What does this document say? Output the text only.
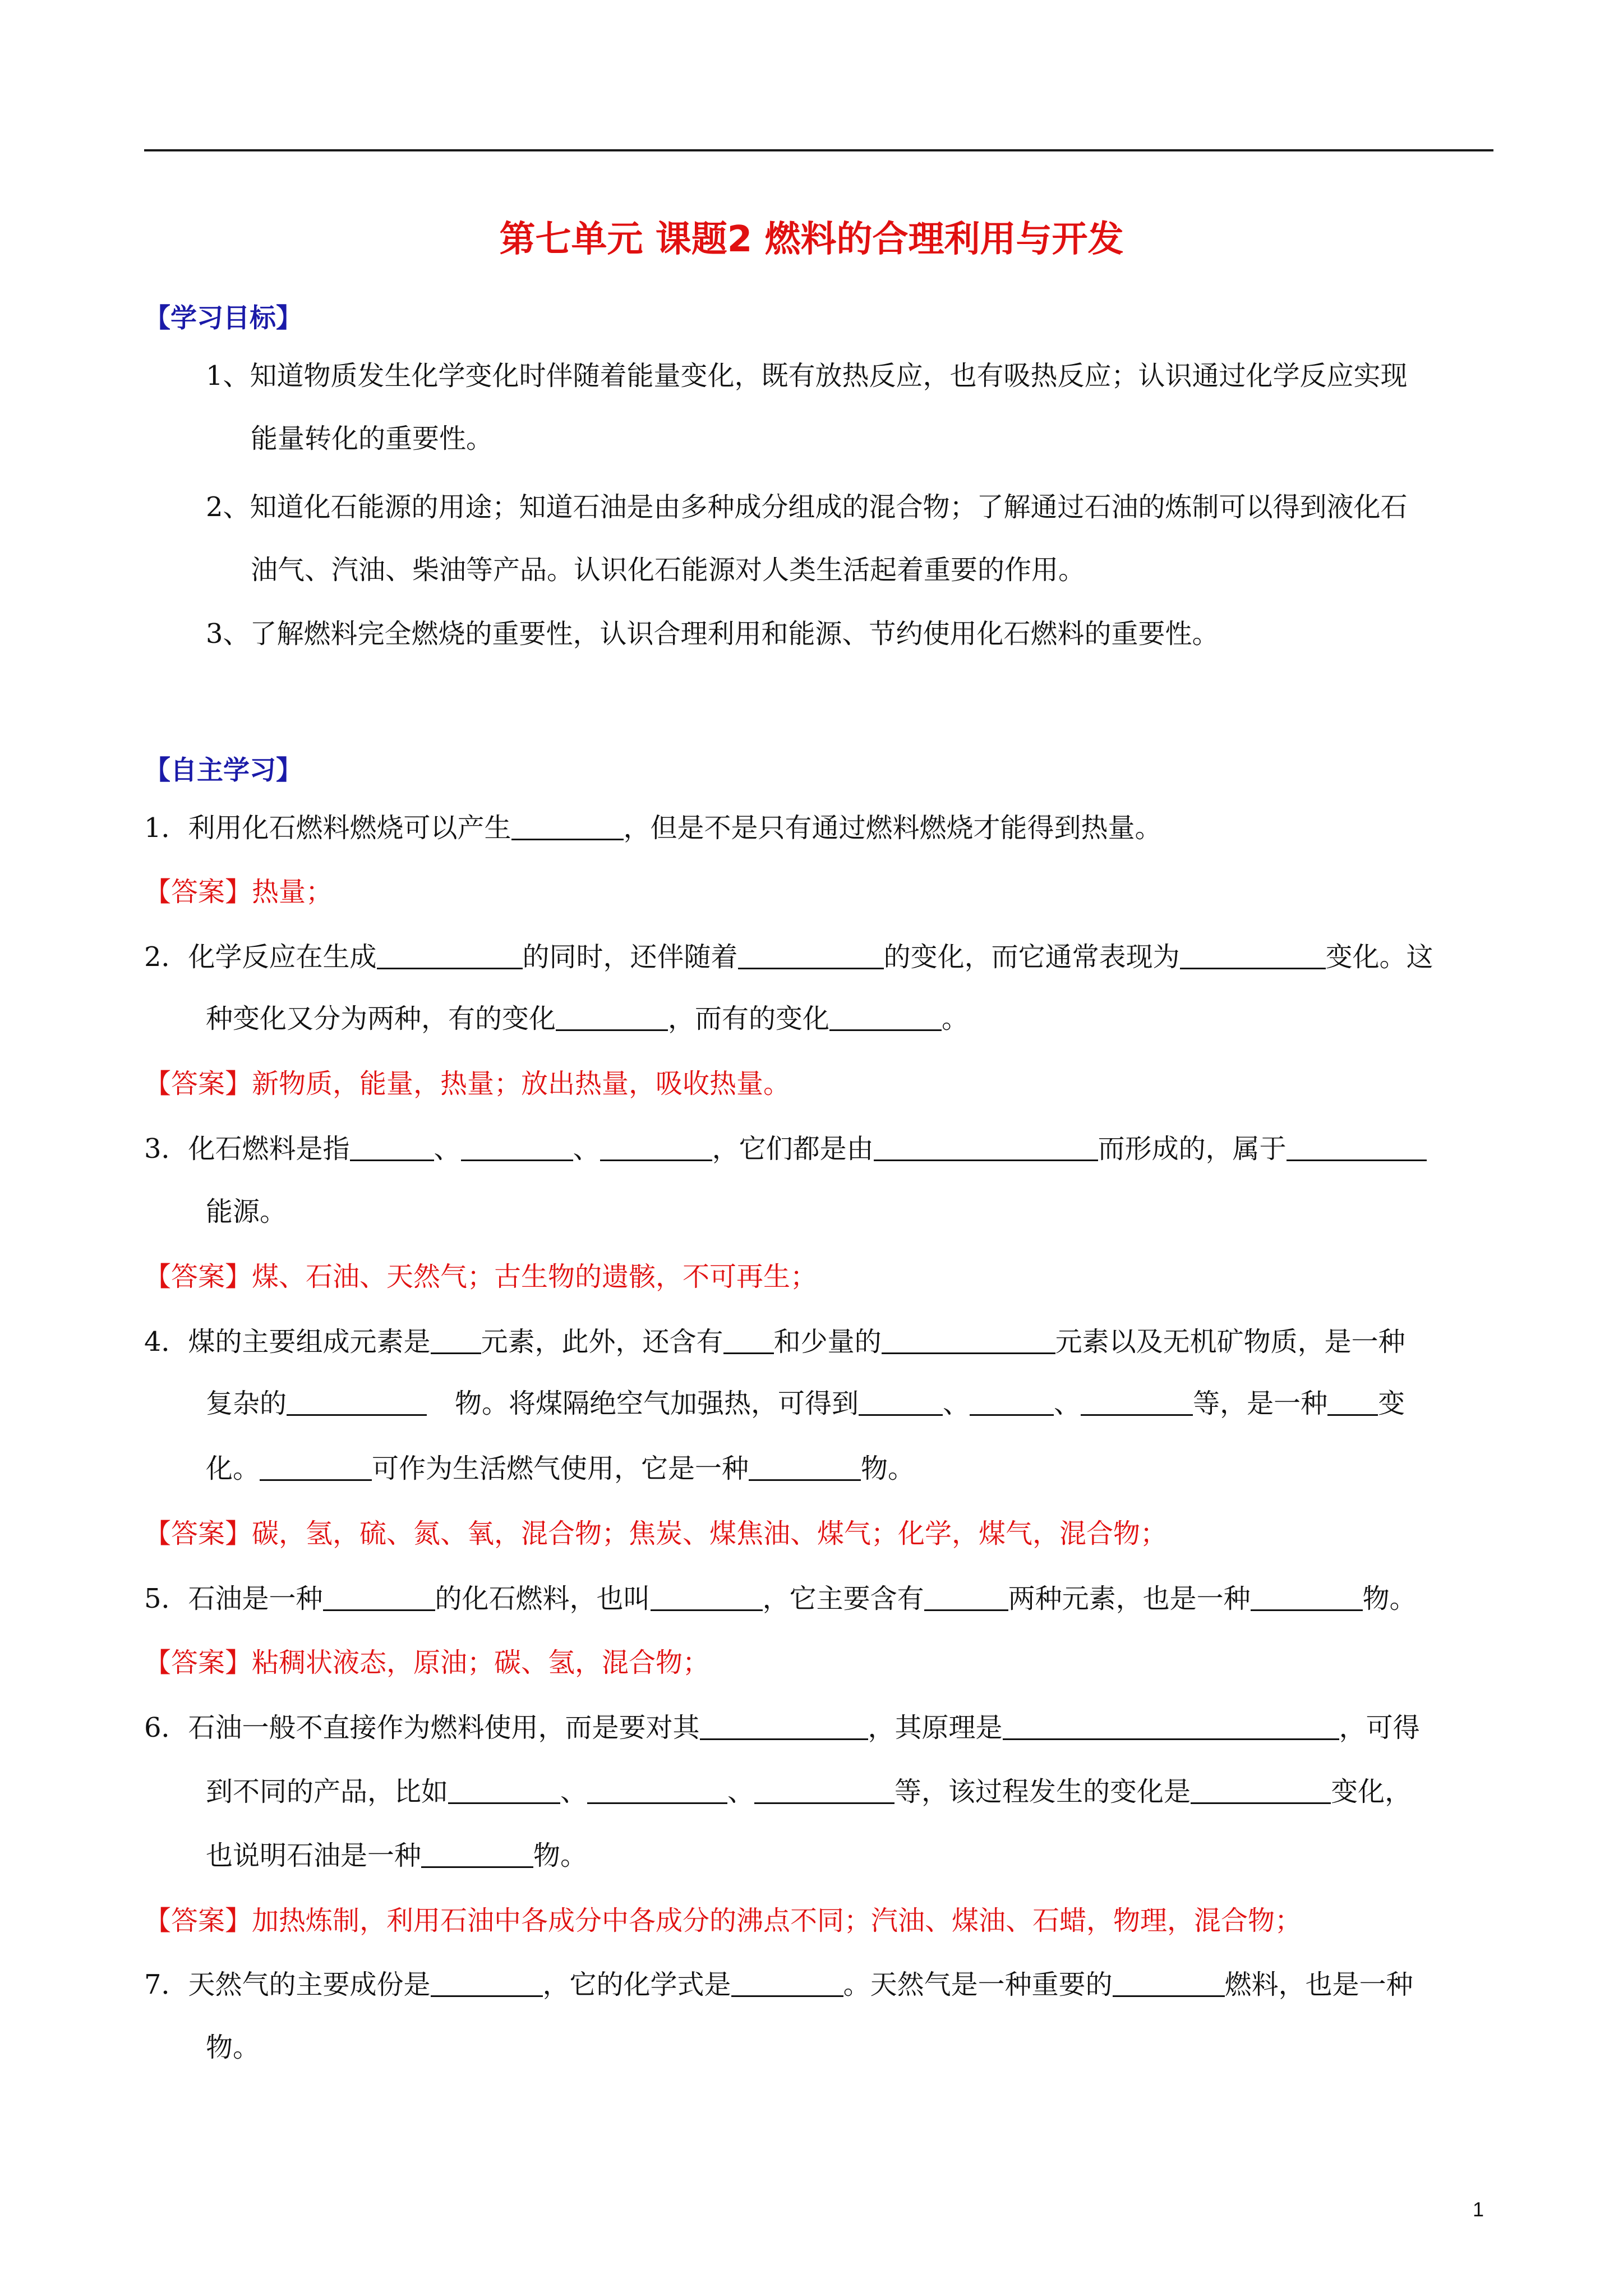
第七单元 课题2 燃料的合理利用与开发
【学习目标】
1、知道物质发生化学变化时伴随着能量变化，既有放热反应，也有吸热反应；认识通过化学反应实现
能量转化的重要性。
2、知道化石能源的用途；知道石油是由多种成分组成的混合物；了解通过石油的炼制可以得到液化石
油气、汽油、柴油等产品。认识化石能源对人类生活起着重要的作用。
3、了解燃料完全燃烧的重要性，认识合理利用和能源、节约使用化石燃料的重要性。
【自主学习】
1．利用化石燃料燃烧可以产生	，但是不是只有通过燃料燃烧才能得到热量。
【答案】热量；
2．化学反应在生成	的同时，还伴随着	的变化，而它通常表现为	变化。这
种变化又分为两种，有的变化	，而有的变化	。
【答案】新物质，能量，热量；放出热量，吸收热量。
3．化石燃料是指	、	、	，它们都是由	而形成的，属于
能源。
【答案】煤、石油、天然气；古生物的遗骸，不可再生；
4．煤的主要组成元素是 元素，此外，还含有 和少量的	元素以及无机矿物质，是一种
复杂的	物。将煤隔绝空气加强热，可得到	、	、	等，是一种 变
化。	可作为生活燃气使用，它是一种	物。
【答案】碳，氢，硫、氮、氧，混合物；焦炭、煤焦油、煤气；化学，煤气，混合物；
5．石油是一种	的化石燃料，也叫	，它主要含有	两种元素，也是一种	物。
【答案】粘稠状液态，原油；碳、氢，混合物；
6．石油一般不直接作为燃料使用，而是要对其	，其原理是	，可得
到不同的产品，比如	、	、	等，该过程发生的变化是	变化，
也说明石油是一种	物。
【答案】加热炼制，利用石油中各成分中各成分的沸点不同；汽油、煤油、石蜡，物理，混合物；
7．天然气的主要成份是	，它的化学式是	。天然气是一种重要的	燃料，也是一种
物。
1
